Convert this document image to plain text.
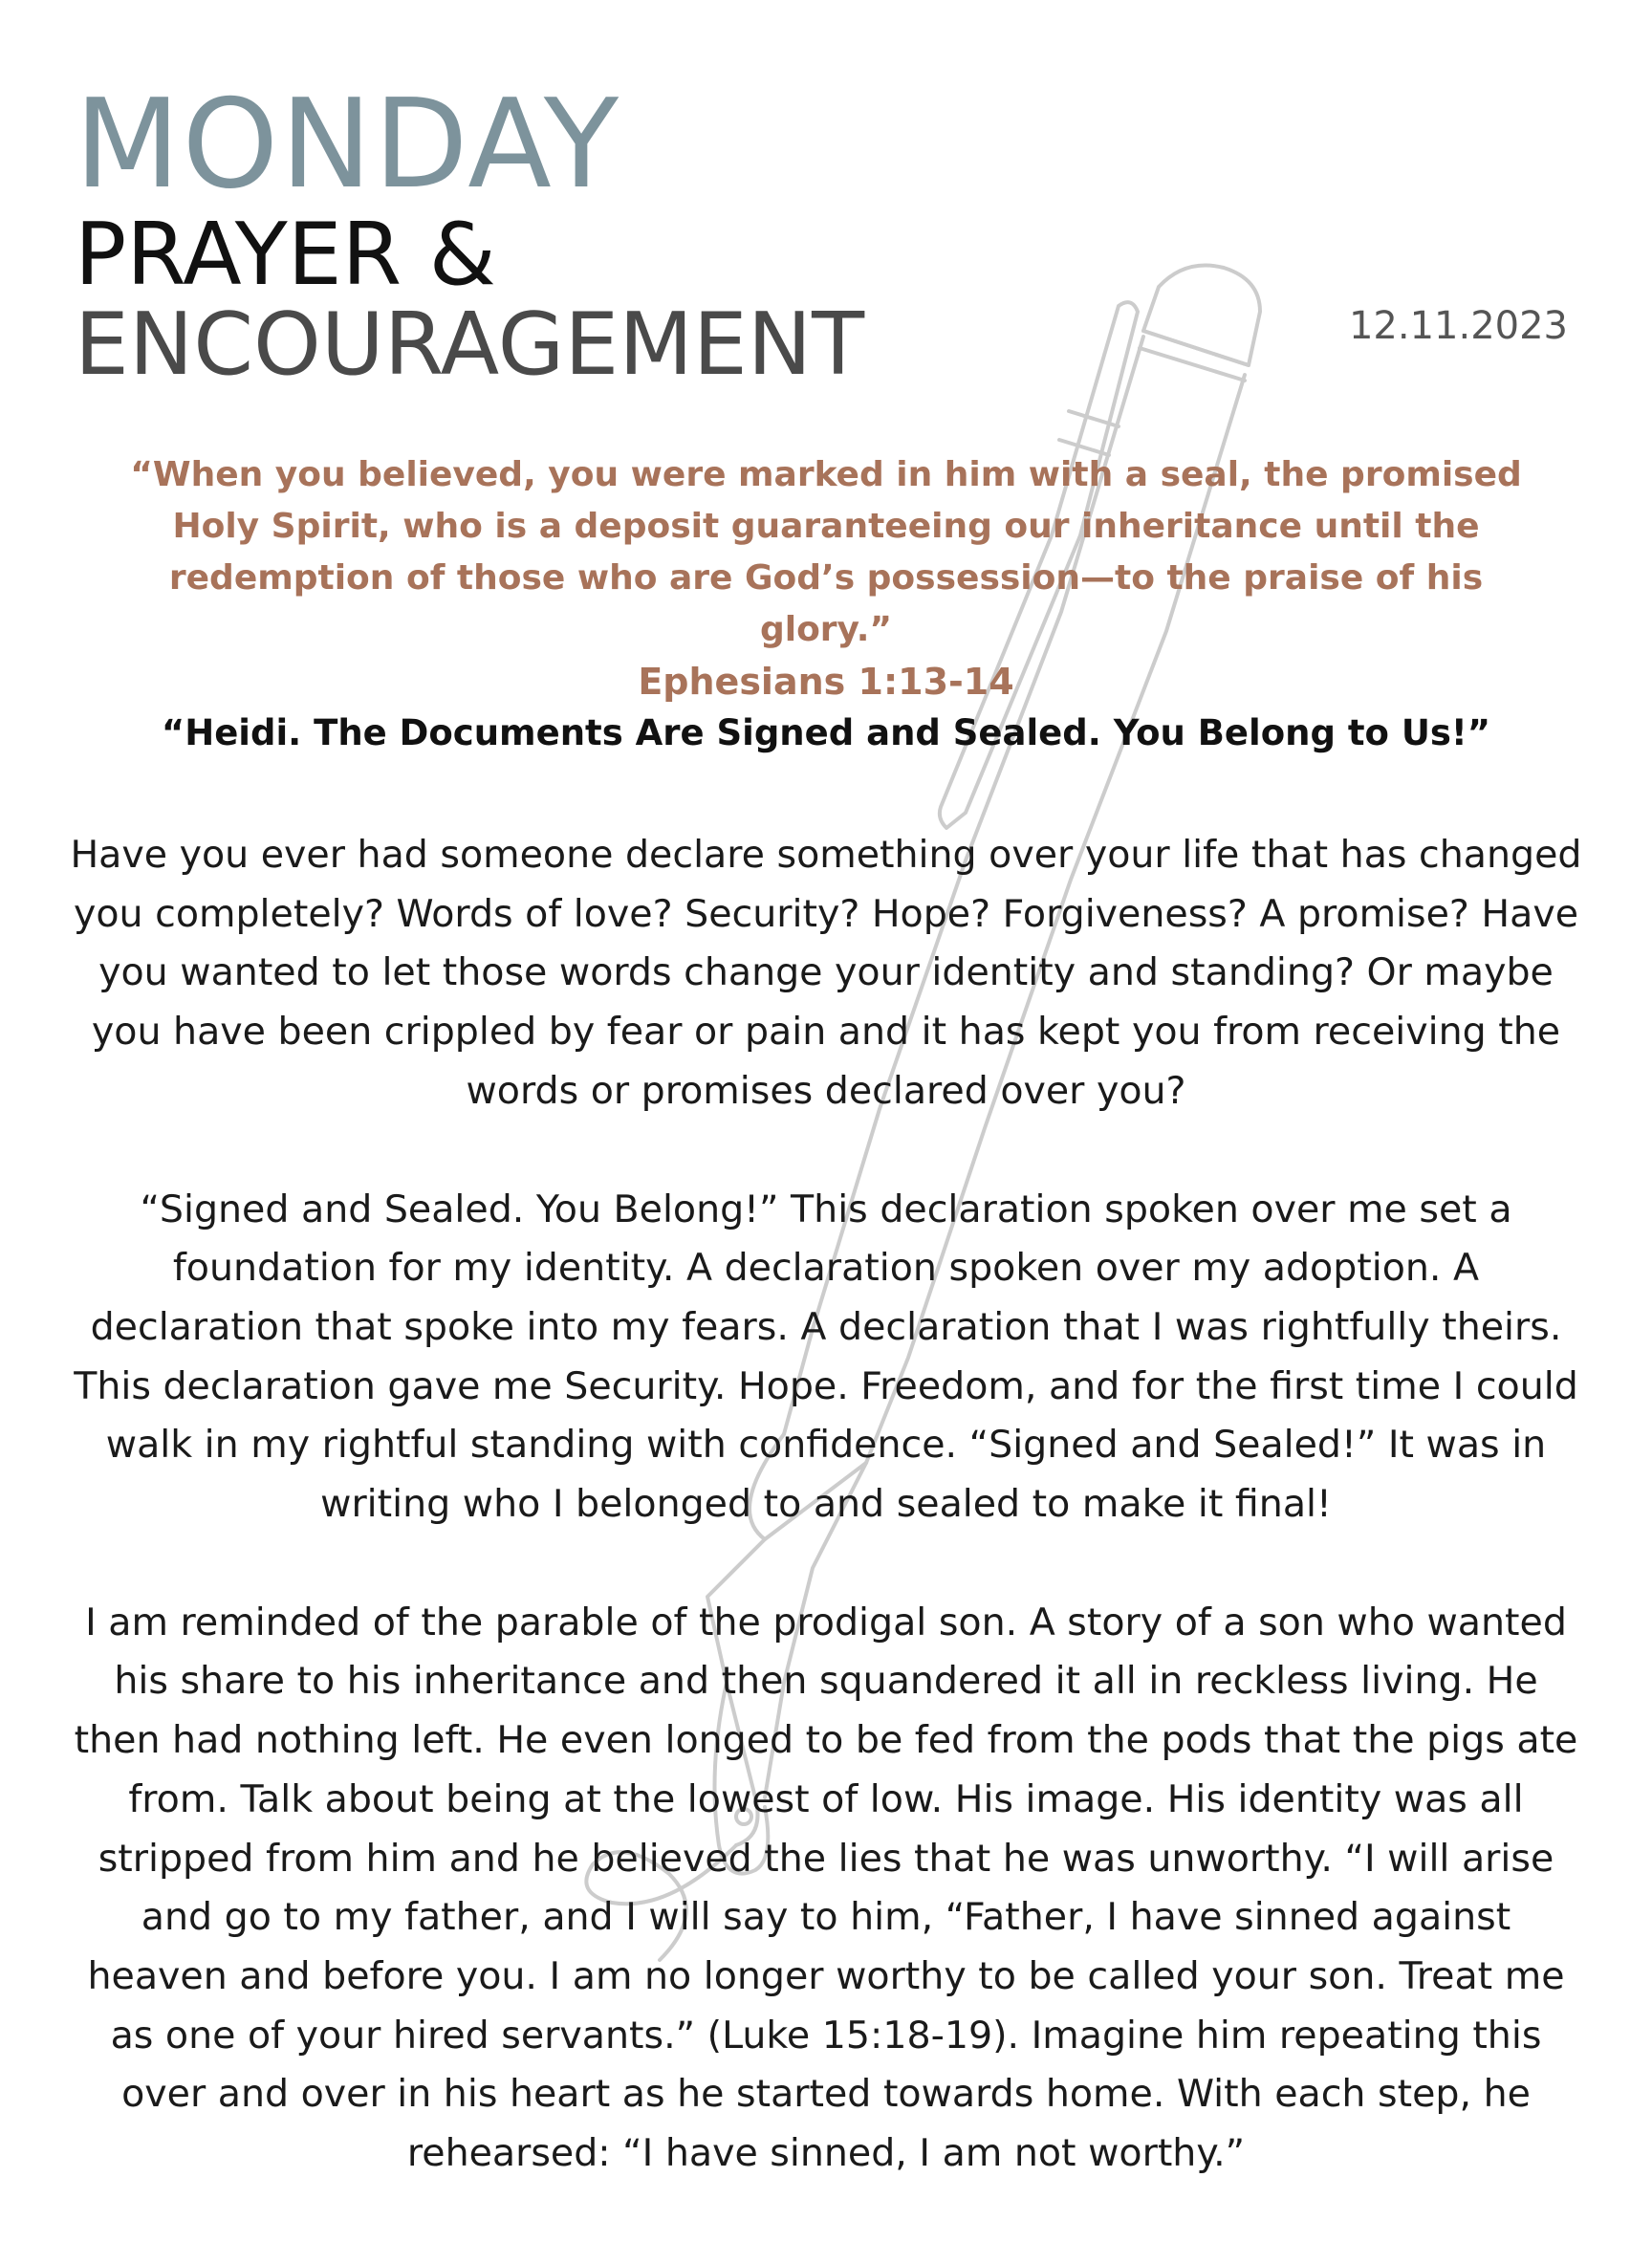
MONDAY
PRAYER &
ENCOURAGEMENT	12.11.2023

“When you believed, you were marked in him with a seal, the promised Holy Spirit, who is a deposit guaranteeing our inheritance until the redemption of those who are God’s possession—to the praise of his glory.”

Ephesians 1:13-14

“Heidi. The Documents Are Signed and Sealed. You Belong to Us!”

Have you ever had someone declare something over your life that has changed you completely? Words of love? Security? Hope? Forgiveness? A promise? Have you wanted to let those words change your identity and standing? Or maybe you have been crippled by fear or pain and it has kept you from receiving the words or promises declared over you?

“Signed and Sealed. You Belong!” This declaration spoken over me set a foundation for my identity. A declaration spoken over my adoption. A declaration that spoke into my fears. A declaration that I was rightfully theirs. This declaration gave me Security. Hope. Freedom, and for the first time I could walk in my rightful standing with confidence. “Signed and Sealed!” It was in writing who I belonged to and sealed to make it final!

I am reminded of the parable of the prodigal son. A story of a son who wanted his share to his inheritance and then squandered it all in reckless living. He then had nothing left. He even longed to be fed from the pods that the pigs ate from. Talk about being at the lowest of low. His image. His identity was all stripped from him and he believed the lies that he was unworthy. “I will arise and go to my father, and I will say to him, “Father, I have sinned against heaven and before you. I am no longer worthy to be called your son. Treat me as one of your hired servants.” (Luke 15:18-19). Imagine him repeating this over and over in his heart as he started towards home. With each step, he rehearsed: “I have sinned, I am not worthy.”
